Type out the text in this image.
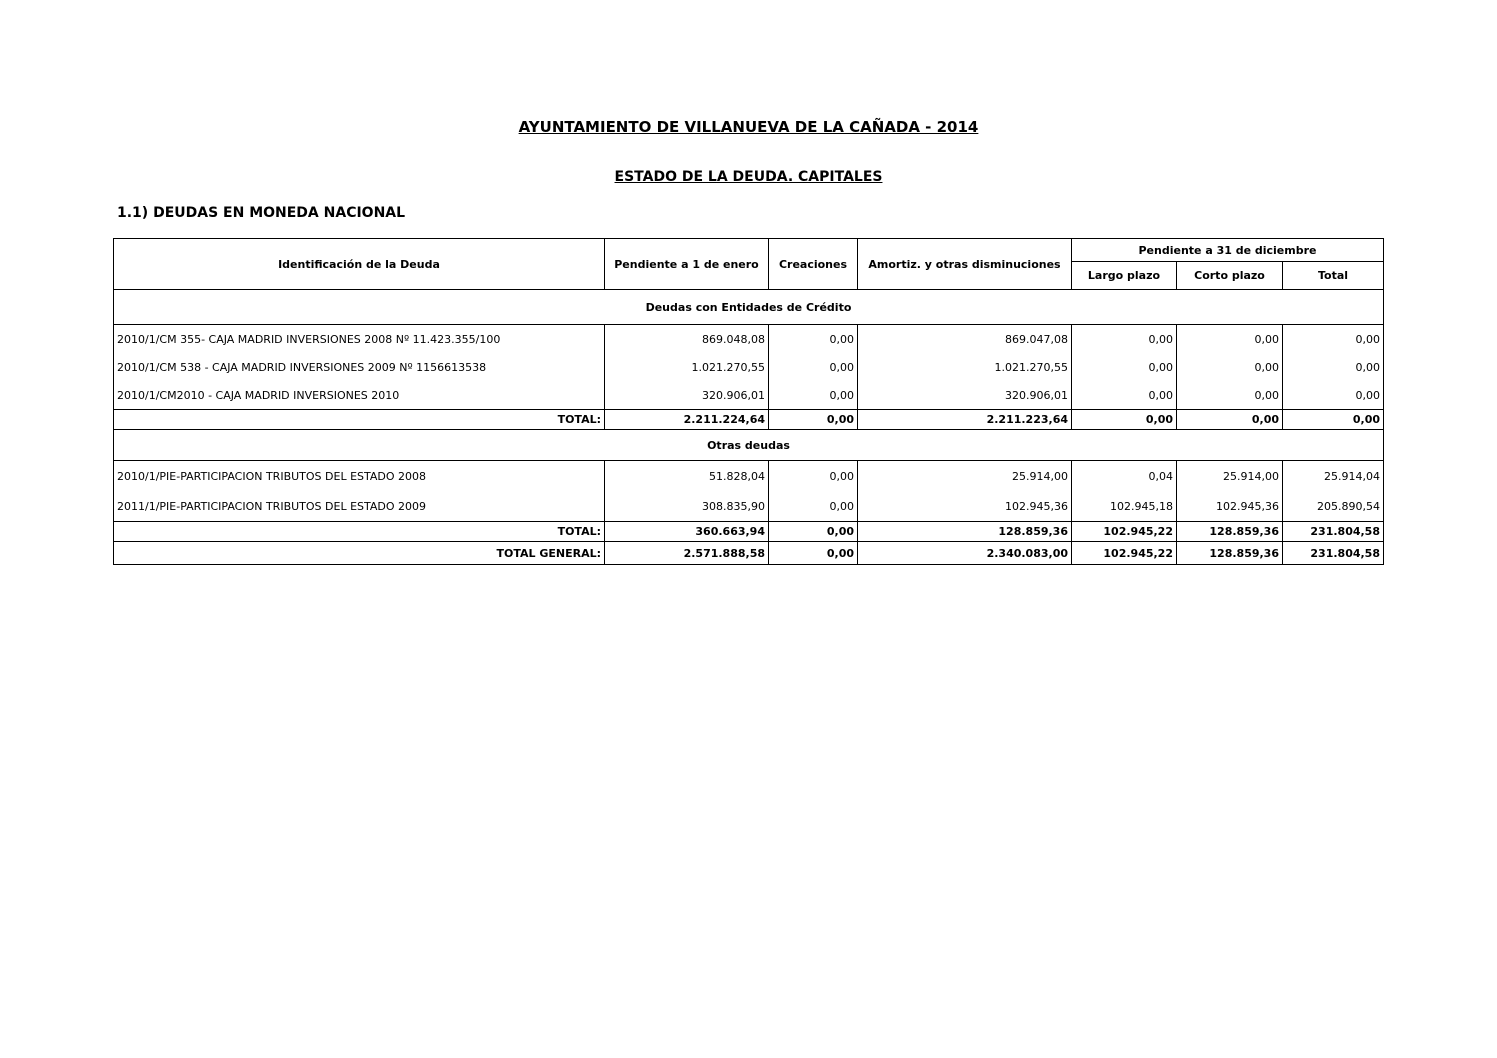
AYUNTAMIENTO DE VILLANUEVA DE LA CAÑADA - 2014
ESTADO DE LA DEUDA. CAPITALES
1.1) DEUDAS EN MONEDA NACIONAL
Identificación de la Deuda	Pendiente a 1 de enero	Creaciones	Amortiz. y otras disminuciones	Pendiente a 31 de diciembre		
				Largo plazo	Corto plazo	Total
Deudas con Entidades de Crédito						
2010/1/CM 355- CAJA MADRID INVERSIONES 2008 Nº 11.423.355/100	869.048,08	0,00	869.047,08	0,00	0,00	0,00
2010/1/CM 538 - CAJA MADRID INVERSIONES 2009 Nº 1156613538	1.021.270,55	0,00	1.021.270,55	0,00	0,00	0,00
2010/1/CM2010 - CAJA MADRID INVERSIONES 2010	320.906,01	0,00	320.906,01	0,00	0,00	0,00
TOTAL:	2.211.224,64	0,00	2.211.223,64	0,00	0,00	0,00
Otras deudas						
2010/1/PIE-PARTICIPACION TRIBUTOS DEL ESTADO 2008	51.828,04	0,00	25.914,00	0,04	25.914,00	25.914,04
2011/1/PIE-PARTICIPACION TRIBUTOS DEL ESTADO 2009	308.835,90	0,00	102.945,36	102.945,18	102.945,36	205.890,54
TOTAL:	360.663,94	0,00	128.859,36	102.945,22	128.859,36	231.804,58
TOTAL GENERAL:	2.571.888,58	0,00	2.340.083,00	102.945,22	128.859,36	231.804,58
